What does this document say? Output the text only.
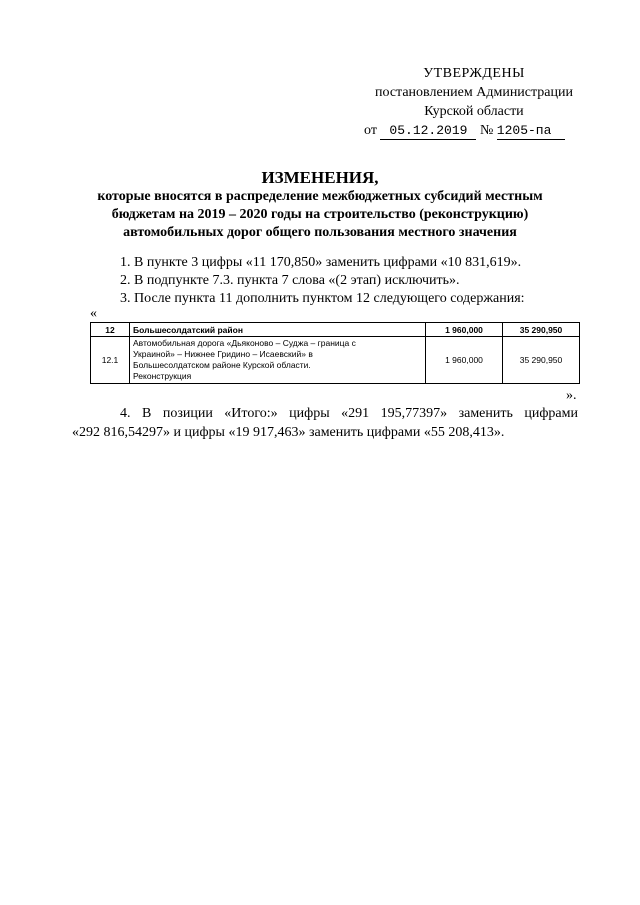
УТВЕРЖДЕНЫ
постановлением Администрации
Курской области
от 05.12.2019 № 1205-па
ИЗМЕНЕНИЯ,
которые вносятся в распределение межбюджетных субсидий местным
бюджетам на 2019 – 2020 годы на строительство (реконструкцию)
автомобильных дорог общего пользования местного значения
1. В пункте 3 цифры «11 170,850» заменить цифрами «10 831,619».
2. В подпункте 7.3. пункта 7 слова «(2 этап) исключить».
3. После пункта 11 дополнить пунктом 12 следующего содержания:
«
12	Большесолдатский район	1 960,000	35 290,950
12.1	Автомобильная дорога «Дьяконово – Суджа – граница с
Украиной» – Нижнее Гридино – Исаевский» в
Большесолдатском районе Курской области.
Реконструкция	1 960,000	35 290,950
».
4. В позиции «Итого:» цифры «291 195,77397» заменить цифрами
«292 816,54297» и цифры «19 917,463» заменить цифрами «55 208,413».
